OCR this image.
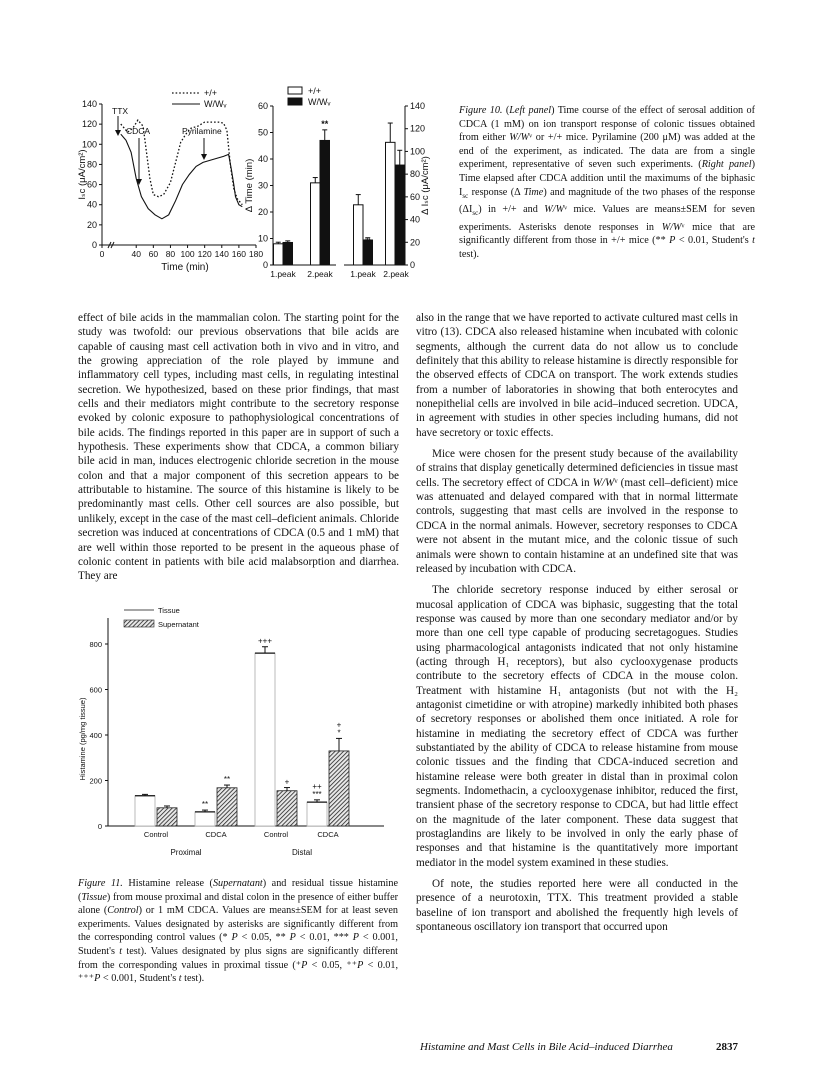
0
20
40
60
80
100
120
140
0	40 60 80 100 120 140 160 180
Time (min)
Iₛc (μA/cm²)
+/+
W/Wᵥ
TTX
CDCA	Pyrilamine
0
10
20
30
40
50
60
0
20
40
60
80
100
120
140
Δ Time (min)	Δ Iₛc (μA/cm²)
**
**
1.peak 2.peak 1.peak 2.peak
+/+
W/Wᵥ
Figure 10. (Left panel) Time course of the effect of serosal addition of CDCA (1 mM) on ion transport response of colonic tissues obtained from either W/Wᵛ or +/+ mice. Pyrilamine (200 μM) was added at the end of the experiment, as indicated. The data are from a single experiment, representative of seven such experiments. (Right panel) Time elapsed after CDCA addition until the maximums of the biphasic $I_{sc}$ response (Δ Time) and magnitude of the two phases of the response $(\Delta I_{sc})$ in +/+ and W/Wᵛ mice. Values are means±SEM for seven experiments. Asterisks denote responses in W/Wᵛ mice that are significantly different from those in +/+ mice (** P < 0.01, Student's t test).

effect of bile acids in the mammalian colon. The starting point for the study was twofold: our previous observations that bile acids are capable of causing mast cell activation both in vivo and in vitro, and the growing appreciation of the role played by immune and inflammatory cell types, including mast cells, in regulating intestinal secretion. We hypothesized, based on these prior findings, that mast cells and their mediators might contribute to the secretory response evoked by colonic exposure to pathophysiological concentrations of bile acids. The findings reported in this paper are in support of such a hypothesis. These experiments show that CDCA, a common biliary bile acid in man, induces electrogenic chloride secretion in the mouse colon and that a major component of this secretion appears to be attributable to histamine. The source of this histamine is likely to be predominantly mast cells. Other cell sources are also possible, but unlikely, except in the case of the mast cell–deficient animals. Chloride secretion was induced at concentrations of CDCA (0.5 and 1 mM) that are well within those reported to be present in the aqueous phase of colonic content in patients with bile acid malabsorption and diarrhea. They are

also in the range that we have reported to activate cultured mast cells in vitro (13). CDCA also released histamine when incubated with colonic segments, although the current data do not allow us to conclude definitely that this ability to release histamine is directly responsible for the observed effects of CDCA on transport. The work extends studies from a number of laboratories in showing that both enterocytes and nonepithelial cells are involved in bile acid–induced secretion. UDCA, in agreement with studies in other species including humans, did not have secretory or toxic effects.

Mice were chosen for the present study because of the availability of strains that display genetically determined deficiencies in tissue mast cells. The secretory effect of CDCA in W/Wᵛ (mast cell–deficient) mice was attenuated and delayed compared with that in normal littermate controls, suggesting that mast cells are involved in the response to CDCA in the normal animals. However, secretory responses to CDCA were not absent in the mutant mice, and the colonic tissue of such animals were shown to contain histamine at an undefined site that was released by incubation with CDCA.

The chloride secretory response induced by either serosal or mucosal application of CDCA was biphasic, suggesting that the total response was caused by more than one secondary mediator and/or by more than one cell type capable of producing secretagogues. Studies using pharmacological antagonists indicated that not only histamine (acting through H₁ receptors), but also cyclooxygenase products contribute to the secretory effects of CDCA in the mouse colon. Treatment with histamine H₁ antagonists (but not with the H₂ antagonist cimetidine or with atropine) markedly inhibited both phases of secretory responses or abolished them once initiated. A role for histamine in mediating the secretory effect of CDCA was further substantiated by the ability of CDCA to release histamine from mouse colonic tissues and the finding that CDCA-induced secretion and histamine release were both greater in distal than in proximal colon segments. Indomethacin, a cyclooxygenase inhibitor, reduced the first, transient phase of the secretory response to CDCA, but had little effect on the magnitude of the later component. These data suggest that prostaglandins are likely to be involved in only the early phase of responses and that histamine is the quantitatively more important mediator in the model system examined in these studies.

Of note, the studies reported here were all conducted in the presence of a neurotoxin, TTX. This treatment provided a stable baseline of ion transport and abolished the frequently high levels of spontaneous oscillatory ion transport that occurred upon

0
200
400
600
800
Histamine (pg/mg tissue)
Control
**
**
CDCA
+++
+
Control
++
***
+
*
CDCA
Proximal	Distal
Tissue
Supernatant
Figure 11. Histamine release (Supernatant) and residual tissue histamine (Tissue) from mouse proximal and distal colon in the presence of either buffer alone (Control) or 1 mM CDCA. Values are means±SEM for at least seven experiments. Values designated by asterisks are significantly different from the corresponding control values (* P < 0.05, ** P < 0.01, *** P < 0.001, Student's t test). Values designated by plus signs are significantly different from the corresponding values in proximal tissue (⁺P < 0.05, ⁺⁺P < 0.01, ⁺⁺⁺P < 0.001, Student's t test).
Histamine and Mast Cells in Bile Acid–induced Diarrhea	2837
